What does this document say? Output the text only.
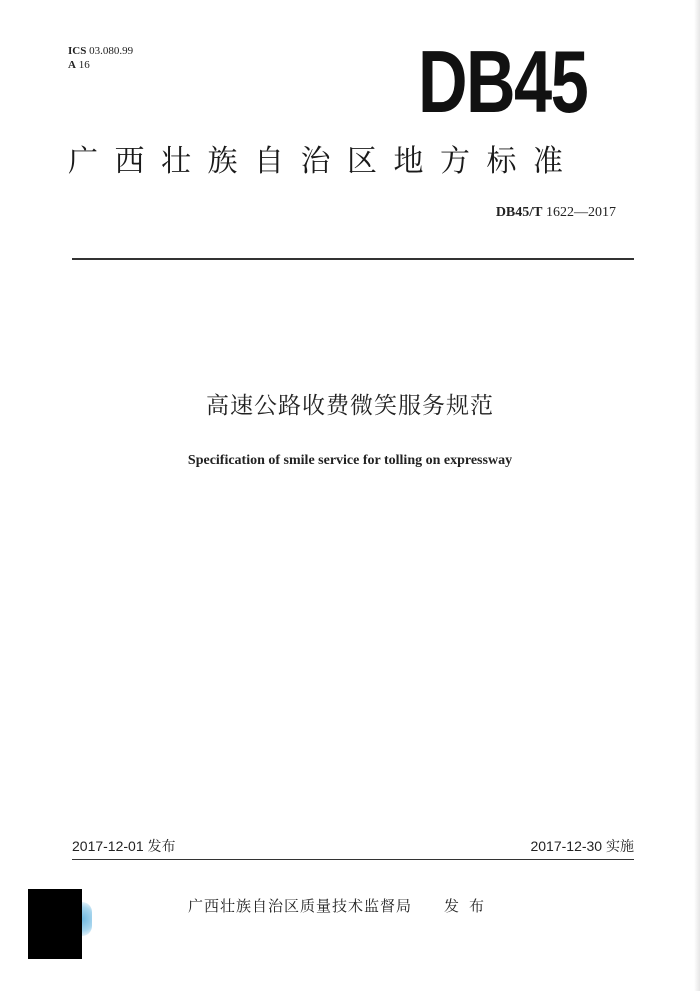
ICS 03.080.99
A 16	DB45
广西壮族自治区地方标准
DB45/T 1622—2017
高速公路收费微笑服务规范
Specification of smile service for tolling on expressway
2017-12-01 发布	2017-12-30 实施
广西壮族自治区质量技术监督局 发布
